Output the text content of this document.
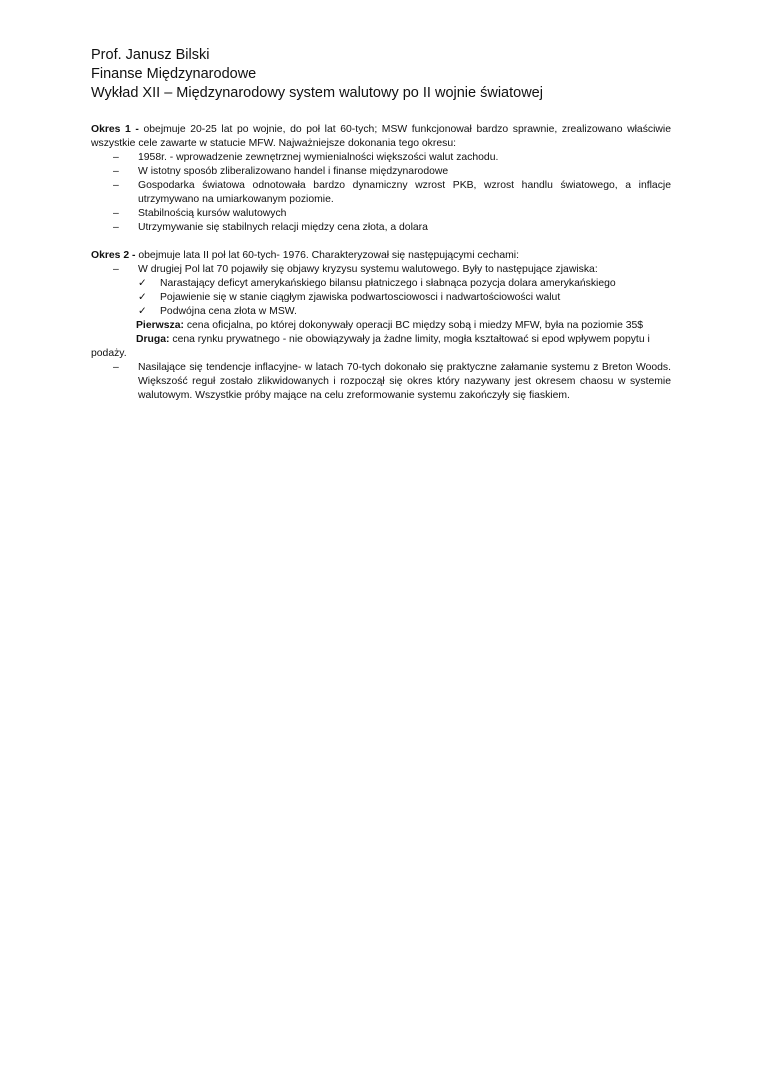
Prof. Janusz Bilski
Finanse Międzynarodowe
Wykład XII – Międzynarodowy system walutowy po II wojnie światowej
Okres 1 - obejmuje 20-25 lat po wojnie, do poł lat 60-tych; MSW funkcjonował bardzo sprawnie, zrealizowano właściwie wszystkie cele zawarte w statucie MFW. Najważniejsze dokonania tego okresu:
–	1958r. - wprowadzenie zewnętrznej wymienialności większości walut zachodu.
–	W istotny sposób zliberalizowano handel i finanse międzynarodowe
–	Gospodarka światowa odnotowała bardzo dynamiczny wzrost PKB, wzrost handlu światowego, a inflacje utrzymywano na umiarkowanym poziomie.
–	Stabilnością kursów walutowych
–	Utrzymywanie się stabilnych relacji między cena złota, a dolara
Okres 2 - obejmuje lata II poł lat 60-tych- 1976. Charakteryzował się następującymi cechami:
–	W drugiej Pol lat 70 pojawiły się objawy kryzysu systemu walutowego. Były to następujące zjawiska:
✓ Narastający deficyt amerykańskiego bilansu płatniczego i słabnąca pozycja dolara amerykańskiego
✓ Pojawienie się w stanie ciągłym zjawiska podwartosciowosci i nadwartościowości walut
✓ Podwójna cena złota w MSW.
Pierwsza: cena oficjalna, po której dokonywały operacji BC między sobą i miedzy MFW, była na poziomie 35$
Druga: cena rynku prywatnego - nie obowiązywały ja żadne limity, mogła kształtować si epod wpływem popytu i
podaży.
–	Nasilające się tendencje inflacyjne- w latach 70-tych dokonało się praktyczne załamanie systemu z Breton Woods. Większość reguł zostało zlikwidowanych i rozpoczął się okres który nazywany jest okresem chaosu w systemie walutowym. Wszystkie próby mające na celu zreformowanie systemu zakończyły się fiaskiem.
